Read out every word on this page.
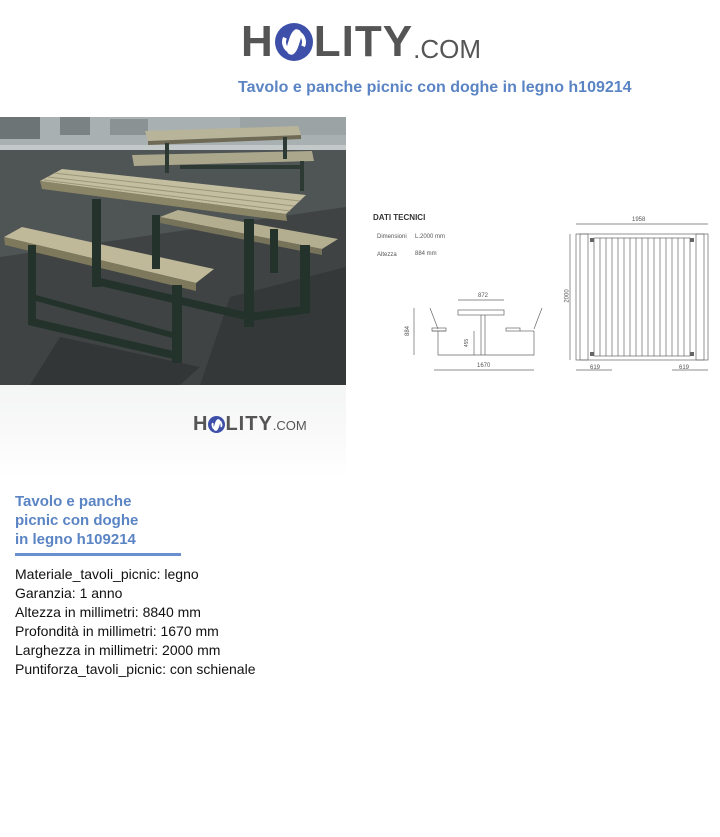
H LITY .COM
Tavolo e panche picnic con doghe in legno h109214
H LITY .COM
DATI TECNICI
Dimensioni L.2000 mm
Altezza	884 mm
872
884
455
1670
1958
2000
619	619
Tavolo e panche
picnic con doghe
in legno h109214
Materiale_tavoli_picnic: legno
Garanzia: 1 anno
Altezza in millimetri: 8840 mm
Profondità in millimetri: 1670 mm
Larghezza in millimetri: 2000 mm
Puntiforza_tavoli_picnic: con schienale
